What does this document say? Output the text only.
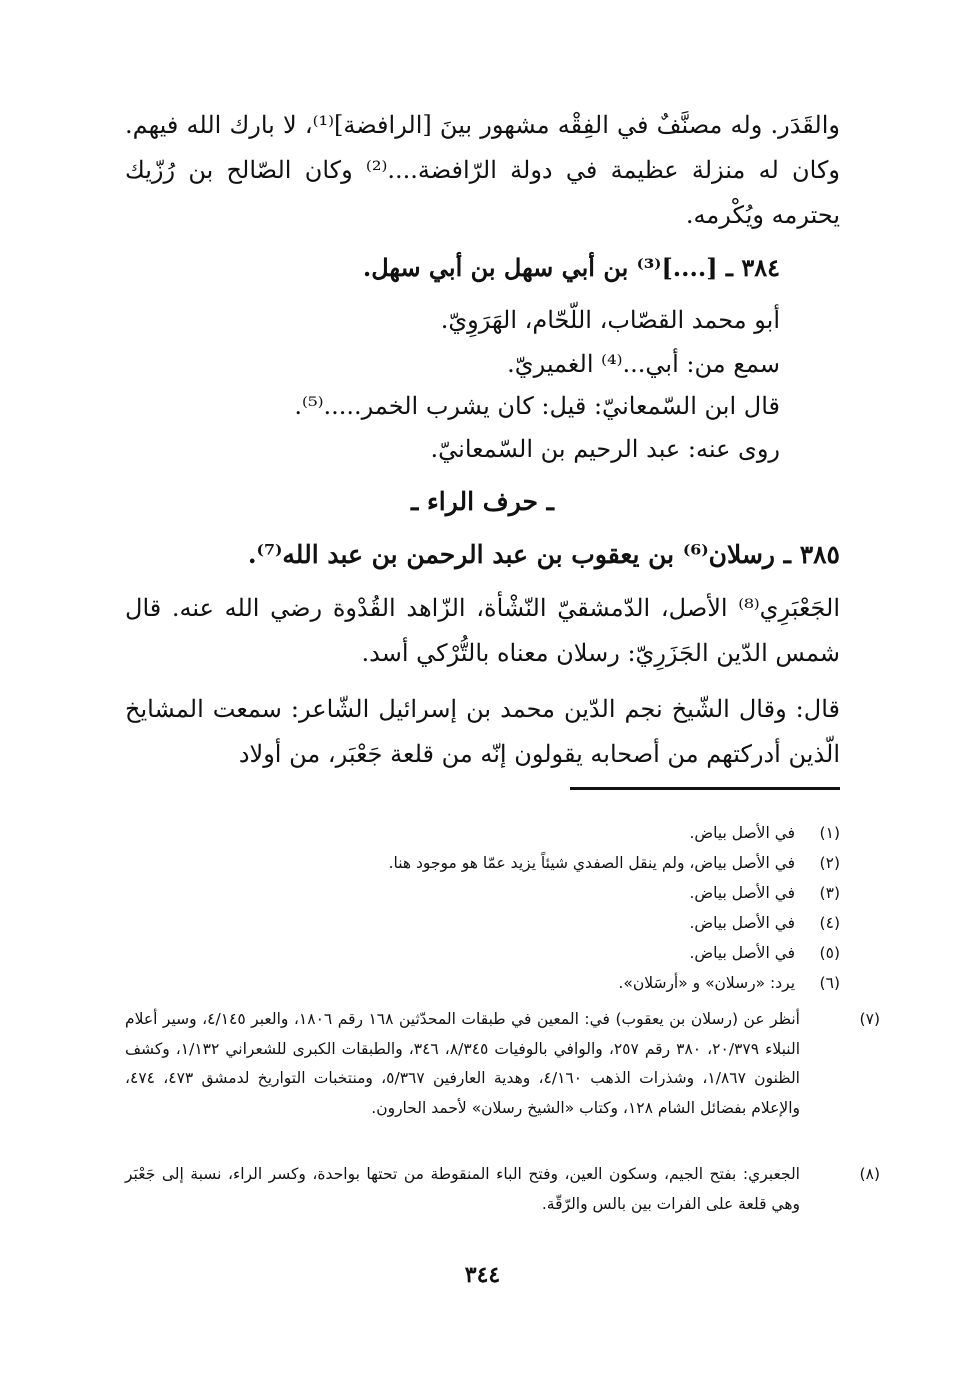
والقَدَر. وله مصنَّفٌ في الفِقْه مشهور بينَ [الرافضة]⁽¹⁾، لا بارك الله فيهم. وكان له منزلة عظيمة في دولة الرّافضة....⁽²⁾ وكان الصّالح بن رُزّيك يحترمه ويُكْرمه.
٣٨٤ ـ [....]⁽³⁾ بن أبي سهل بن أبي سهل.
أبو محمد القصّاب، اللّحّام، الهَرَوِيّ.
سمع من: أبي...⁽⁴⁾ الغميريّ.
قال ابن السّمعانيّ: قيل: كان يشرب الخمر.....⁽⁵⁾.
روى عنه: عبد الرحيم بن السّمعانيّ.
ـ حرف الراء ـ
٣٨٥ ـ رسلان⁽⁶⁾ بن يعقوب بن عبد الرحمن بن عبد الله⁽⁷⁾.
الجَعْبَرِي⁽⁸⁾ الأصل، الدّمشقيّ النّشْأة، الزّاهد القُدْوة رضي الله عنه. قال شمس الدّين الجَزَرِيّ: رسلان معناه بالتُّرْكي أسد.
قال: وقال الشّيخ نجم الدّين محمد بن إسرائيل الشّاعر: سمعت المشايخ الّذين أدركتهم من أصحابه يقولون إنّه من قلعة جَعْبَر، من أولاد
(١) في الأصل بياض.
(٢) في الأصل بياض، ولم ينقل الصفدي شيئاً يزيد عمّا هو موجود هنا.
(٣) في الأصل بياض.
(٤) في الأصل بياض.
(٥) في الأصل بياض.
(٦) يرد: «رسلان» و «أرسَلان».
(٧)أنظر عن (رسلان بن يعقوب) في: المعين في طبقات المحدّثين ١٦٨ رقم ١٨٠٦، والعبر ٤/١٤٥، وسير أعلام النبلاء ٢٠/٣٧٩، ٣٨٠ رقم ٢٥٧، والوافي بالوفيات ٨/٣٤٥، ٣٤٦، والطبقات الكبرى للشعراني ١/١٣٢، وكشف الظنون ١/٨٦٧، وشذرات الذهب ٤/١٦٠، وهدية العارفين ٥/٣٦٧، ومنتخبات التواريخ لدمشق ٤٧٣، ٤٧٤، والإعلام بفضائل الشام ١٢٨، وكتاب «الشيخ رسلان» لأحمد الحارون.
(٨)الجعبري: بفتح الجيم، وسكون العين، وفتح الباء المنقوطة من تحتها بواحدة، وكسر الراء، نسبة إلى جَعْبَر وهي قلعة على الفرات بين بالس والرّقّة.
٣٤٤
